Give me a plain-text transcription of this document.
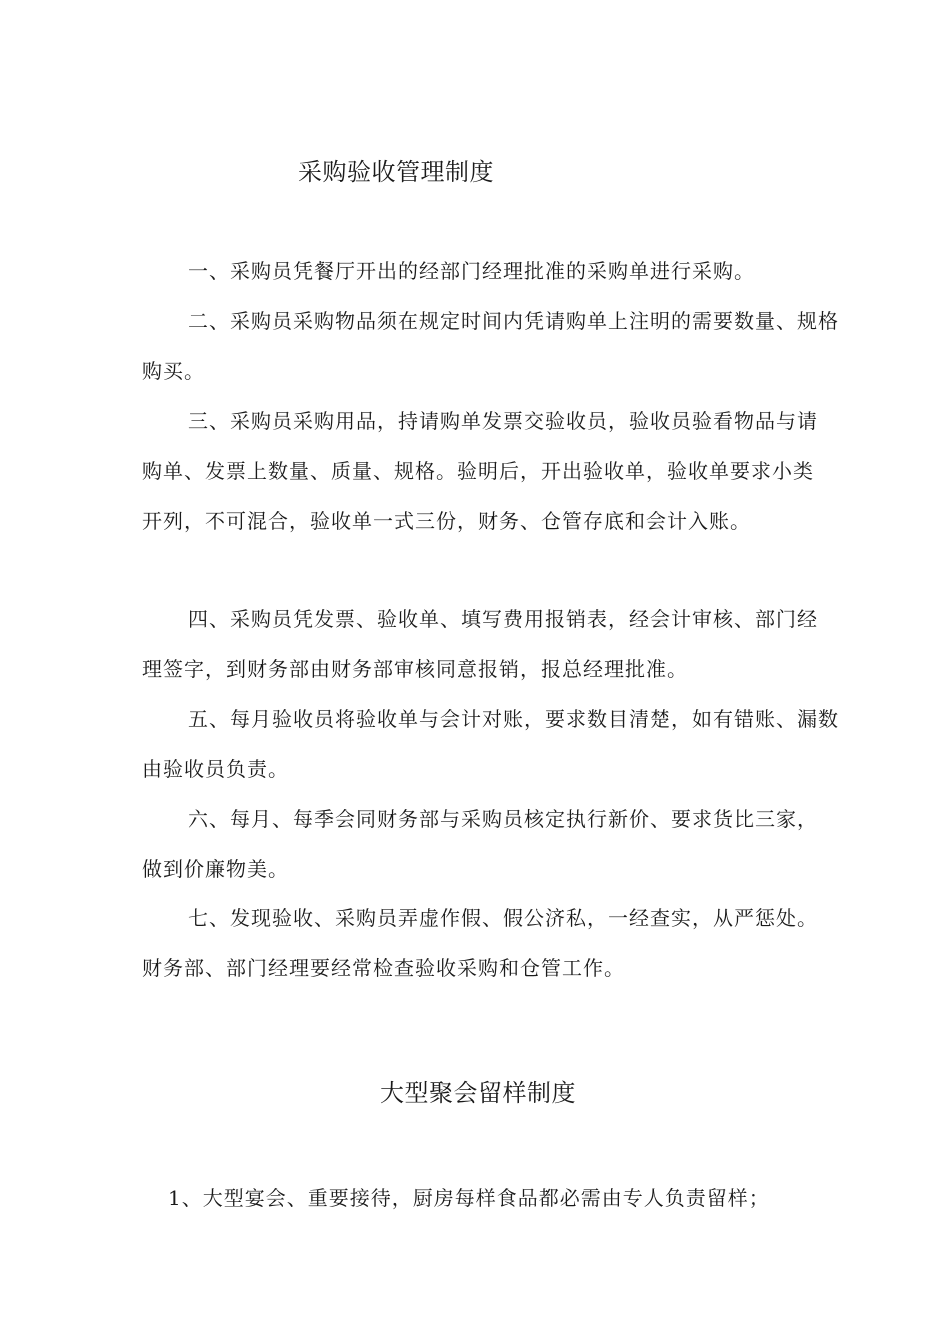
采购验收管理制度

一、采购员凭餐厅开出的经部门经理批准的采购单进行采购。

二、采购员采购物品须在规定时间内凭请购单上注明的需要数量、规格购买。

三、采购员采购用品，持请购单发票交验收员，验收员验看物品与请购单、发票上数量、质量、规格。验明后，开出验收单，验收单要求小类开列，不可混合，验收单一式三份，财务、仓管存底和会计入账。

四、采购员凭发票、验收单、填写费用报销表，经会计审核、部门经理签字，到财务部由财务部审核同意报销，报总经理批准。

五、每月验收员将验收单与会计对账，要求数目清楚，如有错账、漏数由验收员负责。

六、每月、每季会同财务部与采购员核定执行新价、要求货比三家，做到价廉物美。

七、发现验收、采购员弄虚作假、假公济私，一经查实，从严惩处。财务部、部门经理要经常检查验收采购和仓管工作。

大型聚会留样制度

1、大型宴会、重要接待，厨房每样食品都必需由专人负责留样；
